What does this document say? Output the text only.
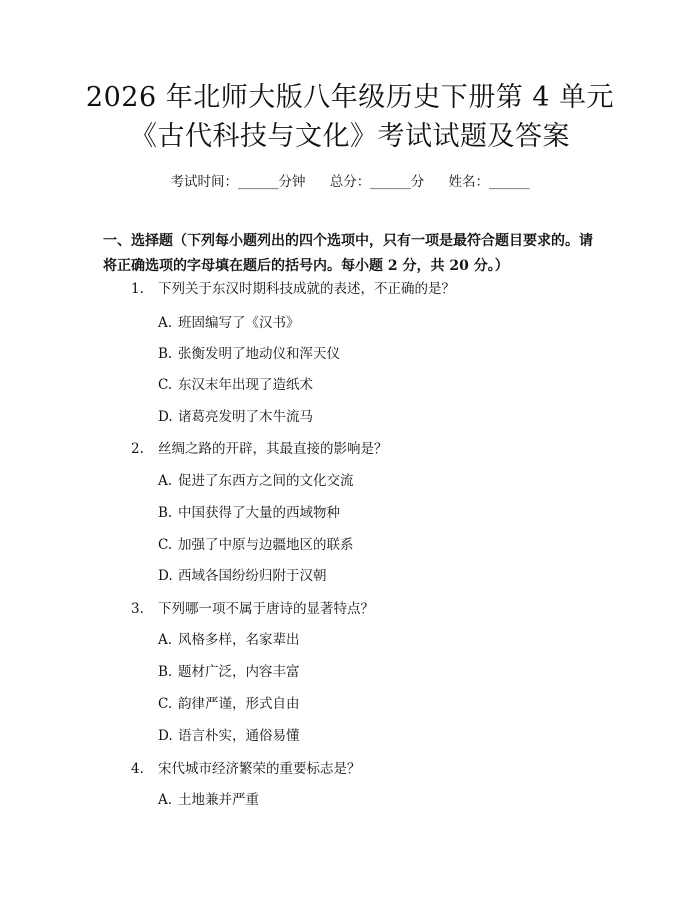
2026 年北师大版八年级历史下册第 4 单元
《古代科技与文化》考试试题及答案
考试时间：______分钟 总分：______分 姓名：______
一、选择题（下列每小题列出的四个选项中，只有一项是最符合题目要求的。请将正确选项的字母填在题后的括号内。每小题 2 分，共 20 分。）
1. 下列关于东汉时期科技成就的表述，不正确的是？
A. 班固编写了《汉书》
B. 张衡发明了地动仪和浑天仪
C. 东汉末年出现了造纸术
D. 诸葛亮发明了木牛流马
2. 丝绸之路的开辟，其最直接的影响是？
A. 促进了东西方之间的文化交流
B. 中国获得了大量的西域物种
C. 加强了中原与边疆地区的联系
D. 西域各国纷纷归附于汉朝
3. 下列哪一项不属于唐诗的显著特点？
A. 风格多样，名家辈出
B. 题材广泛，内容丰富
C. 韵律严谨，形式自由
D. 语言朴实，通俗易懂
4. 宋代城市经济繁荣的重要标志是？
A. 土地兼并严重
